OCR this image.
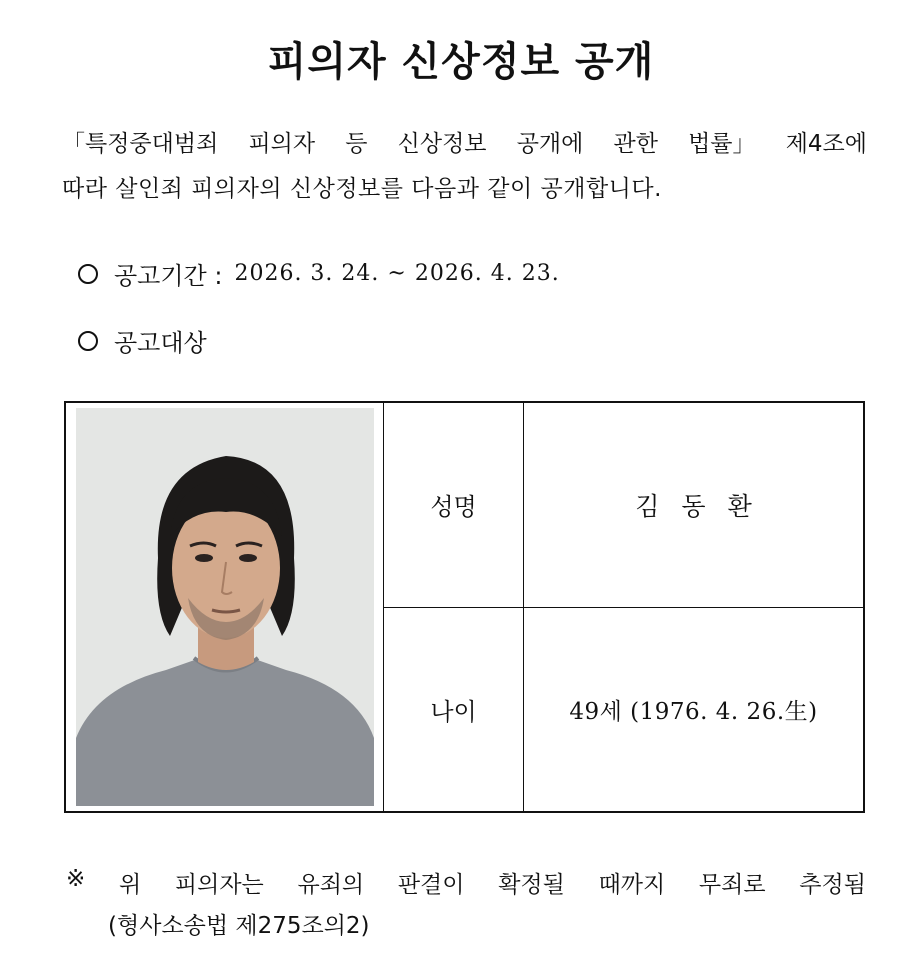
피의자 신상정보 공개
「특정중대범죄 피의자 등 신상정보 공개에 관한 법률」 제4조에
따라 살인죄 피의자의 신상정보를 다음과 같이 공개합니다.
공고기간 : 2026. 3. 24. ~ 2026. 4. 23.
공고대상
성명	김동환
나이	49세 (1976. 4. 26.生)
※ 위 피의자는 유죄의 판결이 확정될 때까지 무죄로 추정됨
(형사소송법 제275조의2)
